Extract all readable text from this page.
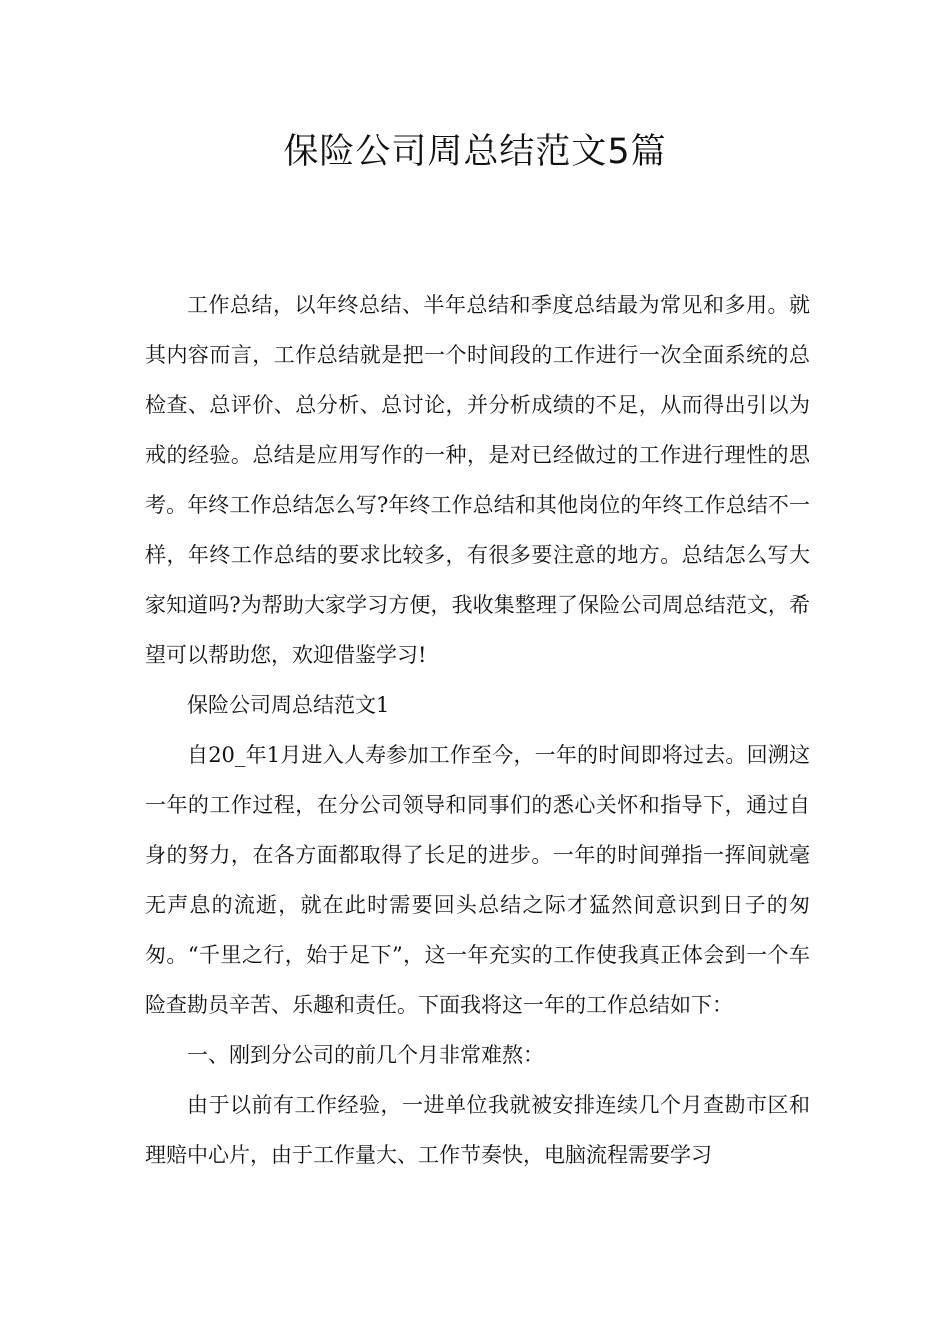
保险公司周总结范文5篇

工作总结，以年终总结、半年总结和季度总结最为常见和多用。就其内容而言，工作总结就是把一个时间段的工作进行一次全面系统的总检查、总评价、总分析、总讨论，并分析成绩的不足，从而得出引以为戒的经验。总结是应用写作的一种，是对已经做过的工作进行理性的思考。年终工作总结怎么写?年终工作总结和其他岗位的年终工作总结不一样，年终工作总结的要求比较多，有很多要注意的地方。总结怎么写大家知道吗?为帮助大家学习方便，我收集整理了保险公司周总结范文，希望可以帮助您，欢迎借鉴学习!

保险公司周总结范文1

自20_年1月进入人寿参加工作至今，一年的时间即将过去。回溯这一年的工作过程，在分公司领导和同事们的悉心关怀和指导下，通过自身的努力，在各方面都取得了长足的进步。一年的时间弹指一挥间就毫无声息的流逝，就在此时需要回头总结之际才猛然间意识到日子的匆匆。“千里之行，始于足下”，这一年充实的工作使我真正体会到一个车险查勘员辛苦、乐趣和责任。下面我将这一年的工作总结如下：

一、刚到分公司的前几个月非常难熬：

由于以前有工作经验，一进单位我就被安排连续几个月查勘市区和理赔中心片，由于工作量大、工作节奏快，电脑流程需要学习
